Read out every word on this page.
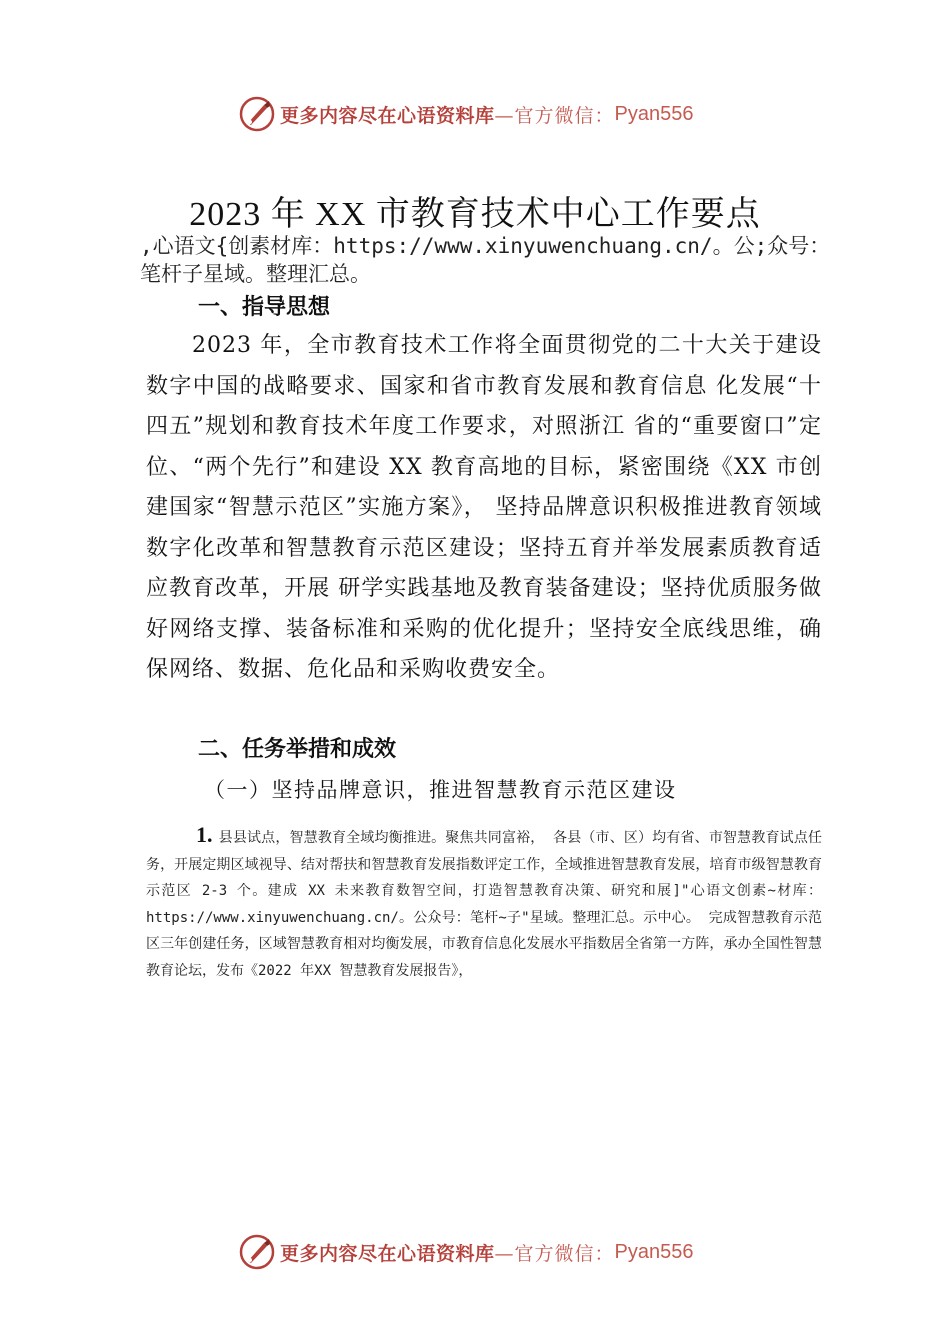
更多内容尽在心语资料库 —官方微信： Pyan556
2023 年 XX 市教育技术中心工作要点

,心语文{创素材库：https://www.xinyuwenchuang.cn/。公;众号：笔杆子星域。整理汇总。

一、指导思想

2023 年，全市教育技术工作将全面贯彻党的二十大关于建设数字中国的战略要求、国家和省市教育发展和教育信息 化发展“十四五”规划和教育技术年度工作要求，对照浙江 省的“重要窗口”定位、“两个先行”和建设 XX 教育高地的目标，紧密围绕《XX 市创建国家“智慧示范区”实施方案》， 坚持品牌意识积极推进教育领域数字化改革和智慧教育示范区建设；坚持五育并举发展素质教育适应教育改革，开展 研学实践基地及教育装备建设；坚持优质服务做好网络支撑、装备标准和采购的优化提升；坚持安全底线思维，确保网络、数据、危化品和采购收费安全。

二、任务举措和成效
（一）坚持品牌意识，推进智慧教育示范区建设

1. 县县试点，智慧教育全域均衡推进。聚焦共同富裕， 各县（市、区）均有省、市智慧教育试点任务，开展定期区域视导、结对帮扶和智慧教育发展指数评定工作，全域推进智慧教育发展，培育市级智慧教育示范区 2-3 个。建成 XX 未来教育数智空间，打造智慧教育决策、研究和展]"心语文创素~材库：https://www.xinyuwenchuang.cn/。公众号：笔杆~子"星域。整理汇总。示中心。 完成智慧教育示范区三年创建任务，区域智慧教育相对均衡发展，市教育信息化发展水平指数居全省第一方阵，承办全国性智慧教育论坛，发布《2022 年XX 智慧教育发展报告》，

更多内容尽在心语资料库 —官方微信： Pyan556
